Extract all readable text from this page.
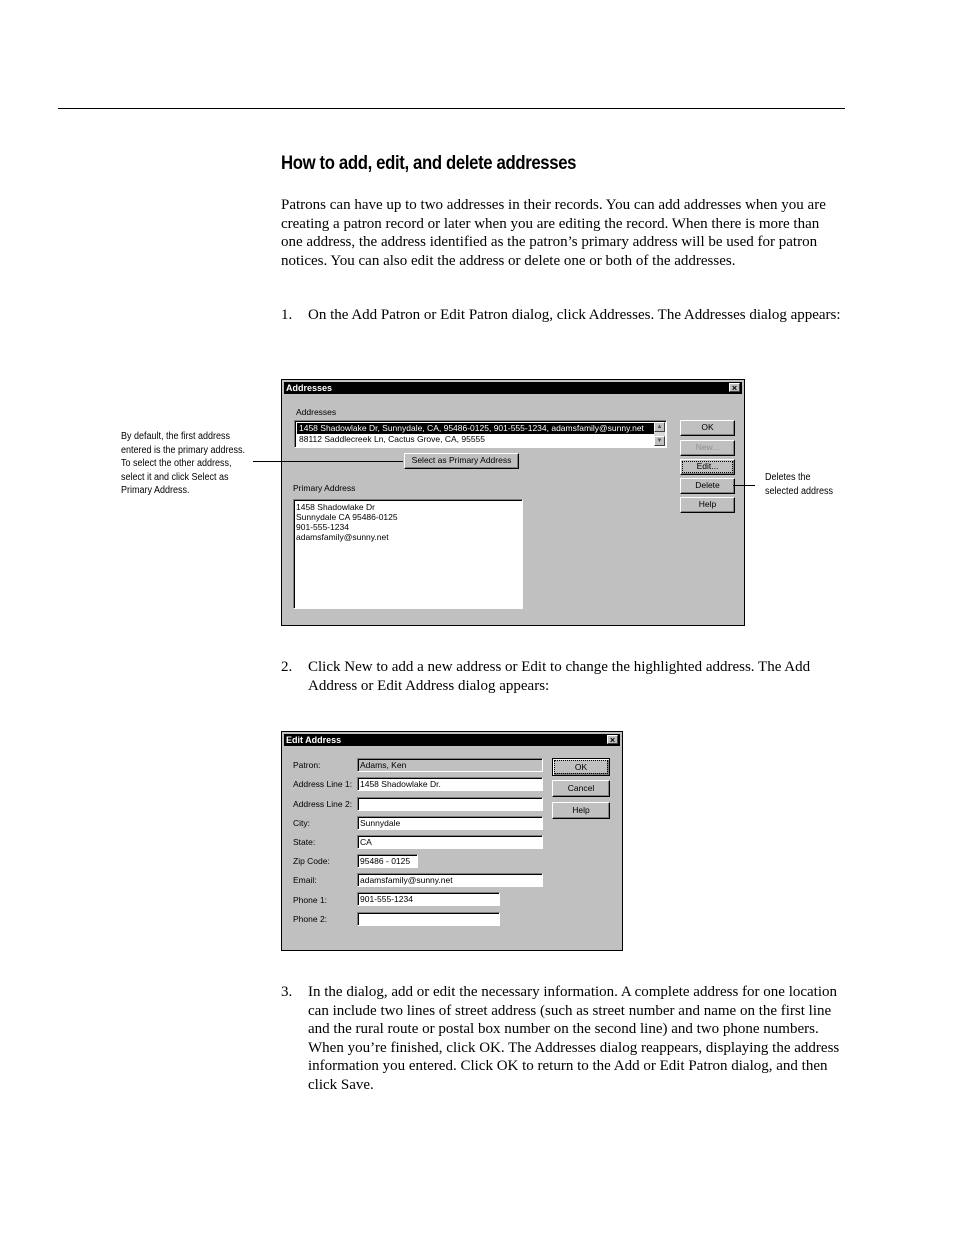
How to add, edit, and delete addresses

Patrons can have up to two addresses in their records. You can add addresses when you are creating a patron record or later when you are editing the record. When there is more than one address, the address identified as the patron’s primary address will be used for patron notices. You can also edit the address or delete one or both of the addresses.

1. On the Add Patron or Edit Patron dialog, click Addresses. The Addresses dialog appears:
Addresses	×
Addresses
1458 Shadowlake Dr, Sunnydale, CA, 95486-0125, 901-555-1234, adamsfamily@sunny.net
88112 Saddlecreek Ln, Cactus Grove, CA, 95555
▲
▼
Select as Primary Address
Primary Address
1458 Shadowlake Dr
Sunnydale CA 95486-0125
901-555-1234
adamsfamily@sunny.net
OK
New...
Edit...
Delete
Help
By default, the first address entered is the primary address. To select the other address, select it and click Select as Primary Address.
Deletes the selected address
2. Click New to add a new address or Edit to change the highlighted address. The Add Address or Edit Address dialog appears:
Edit Address	×
Patron:	Adams, Ken
Address Line 1: 1458 Shadowlake Dr.
Address Line 2:
City:	Sunnydale
State:	CA
Zip Code:	95486 - 0125
Email:	adamsfamily@sunny.net
Phone 1:	901-555-1234
Phone 2:
OK
Cancel
Help
3. In the dialog, add or edit the necessary information. A complete address for one location can include two lines of street address (such as street number and name on the first line and the rural route or postal box number on the second line) and two phone numbers. When you’re finished, click OK. The Addresses dialog reappears, displaying the address information you entered. Click OK to return to the Add or Edit Patron dialog, and then click Save.
